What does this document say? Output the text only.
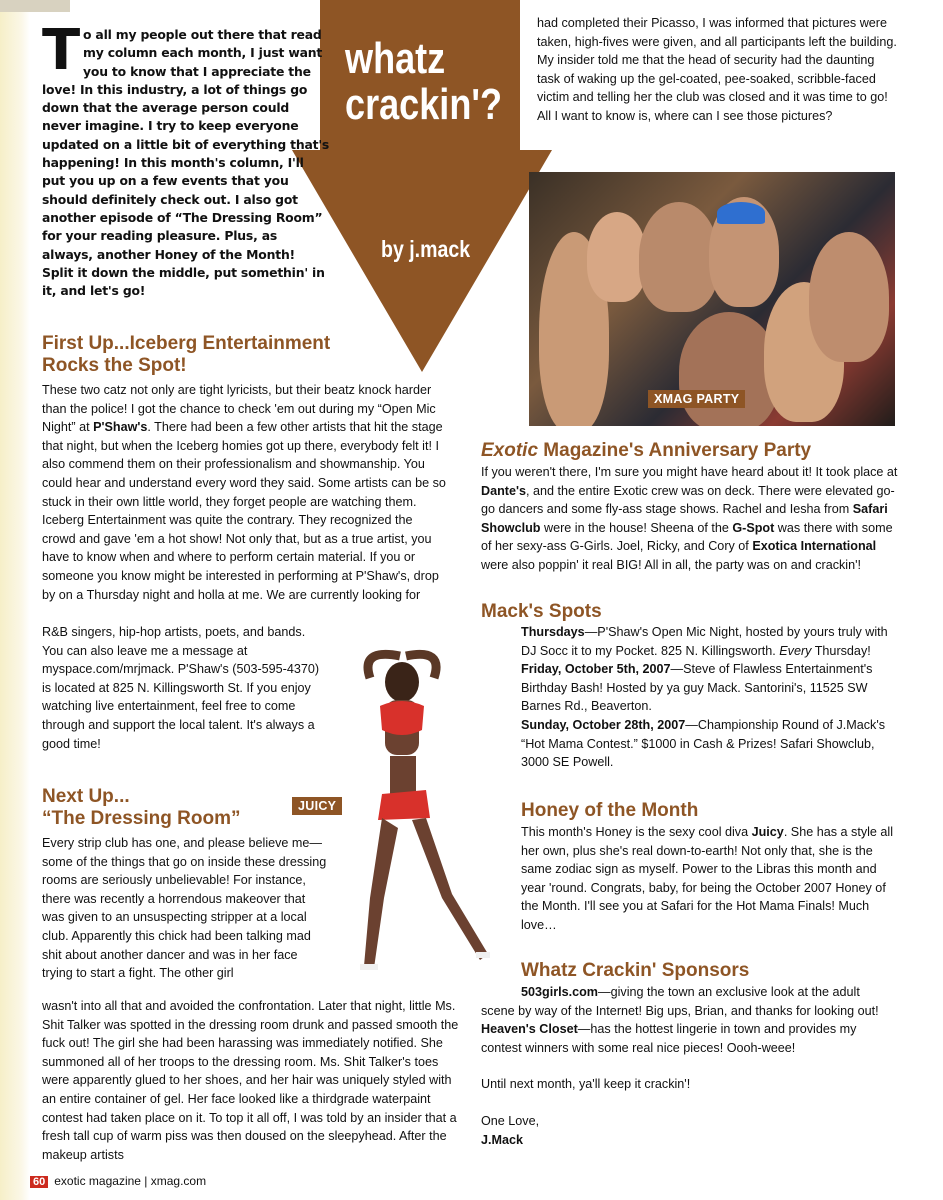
whatz
crackin'?
by j.mack
To all my people out there that read my column each month, I just want you to know that I appreciate the love! In this industry, a lot of things go down that the average person could never imagine. I try to keep everyone updated on a little bit of everything that's happening! In this month's column, I'll put you up on a few events that you should definitely check out. I also got another episode of “The Dressing Room” for your reading pleasure. Plus, as always, another Honey of the Month! Split it down the middle, put somethin' in it, and let's go!
First Up...Iceberg Entertainment
Rocks the Spot!

These two catz not only are tight lyricists, but their beatz knock harder than the police! I got the chance to check 'em out during my “Open Mic Night” at P'Shaw's. There had been a few other artists that hit the stage that night, but when the Iceberg homies got up there, everybody felt it! I also commend them on their professionalism and showmanship. You could hear and understand every word they said. Some artists can be so stuck in their own little world, they forget people are watching them. Iceberg Entertainment was quite the contrary. They recognized the crowd and gave 'em a hot show! Not only that, but as a true artist, you have to know when and where to perform certain material. If you or someone you know might be interested in performing at P'Shaw's, drop by on a Thursday night and holla at me. We are currently looking for

R&B singers, hip-hop artists, poets, and bands. You can also leave me a message at myspace.com/mrjmack. P'Shaw's (503-595-4370) is located at 825 N. Killingsworth St. If you enjoy watching live entertainment, feel free to come through and support the local talent. It's always a good time!

Next Up...
“The Dressing Room”

Every strip club has one, and please believe me—some of the things that go on inside these dressing rooms are seriously unbelievable! For instance, there was recently a horrendous makeover that was given to an unsuspecting stripper at a local club. Apparently this chick had been talking mad shit about another dancer and was in her face trying to start a fight. The other girl

wasn't into all that and avoided the confrontation. Later that night, little Ms. Shit Talker was spotted in the dressing room drunk and passed smooth the fuck out! The girl she had been harassing was immediately notified. She summoned all of her troops to the dressing room. Ms. Shit Talker's toes were apparently glued to her shoes, and her hair was uniquely styled with an entire container of gel. Her face looked like a thirdgrade waterpaint contest had taken place on it. To top it all off, I was told by an insider that a fresh tall cup of warm piss was then doused on the sleepyhead. After the makeup artists

had completed their Picasso, I was informed that pictures were taken, high-fives were given, and all participants left the building. My insider told me that the head of security had the daunting task of waking up the gel-coated, pee-soaked, scribble-faced victim and telling her the club was closed and it was time to go! All I want to know is, where can I see those pictures?

XMAG PARTY
JUICY
Exotic Magazine's Anniversary Party

If you weren't there, I'm sure you might have heard about it! It took place at Dante's, and the entire Exotic crew was on deck. There were elevated go-go dancers and some fly-ass stage shows. Rachel and Iesha from Safari Showclub were in the house! Sheena of the G-Spot was there with some of her sexy-ass G-Girls. Joel, Ricky, and Cory of Exotica International were also poppin' it real BIG! All in all, the party was on and crackin'!

Mack's Spots
Thursdays—P'Shaw's Open Mic Night, hosted by yours truly with DJ Socc it to my Pocket. 825 N. Killingsworth. Every Thursday!
Friday, October 5th, 2007—Steve of Flawless Entertainment's Birthday Bash! Hosted by ya guy Mack. Santorini's, 11525 SW Barnes Rd., Beaverton.
Sunday, October 28th, 2007—Championship Round of J.Mack's “Hot Mama Contest.” $1000 in Cash & Prizes! Safari Showclub, 3000 SE Powell.
Honey of the Month

This month's Honey is the sexy cool diva Juicy. She has a style all her own, plus she's real down-to-earth! Not only that, she is the same zodiac sign as myself. Power to the Libras this month and year 'round. Congrats, baby, for being the October 2007 Honey of the Month. I'll see you at Safari for the Hot Mama Finals! Much love…

Whatz Crackin' Sponsors
503girls.com—giving the town an exclusive look at the adult scene by way of the Internet! Big ups, Brian, and thanks for looking out!
Heaven's Closet—has the hottest lingerie in town and provides my contest winners with some real nice pieces! Oooh-weee!
Until next month, ya'll keep it crackin'!
One Love,
J.Mack
60 exotic magazine | xmag.com
